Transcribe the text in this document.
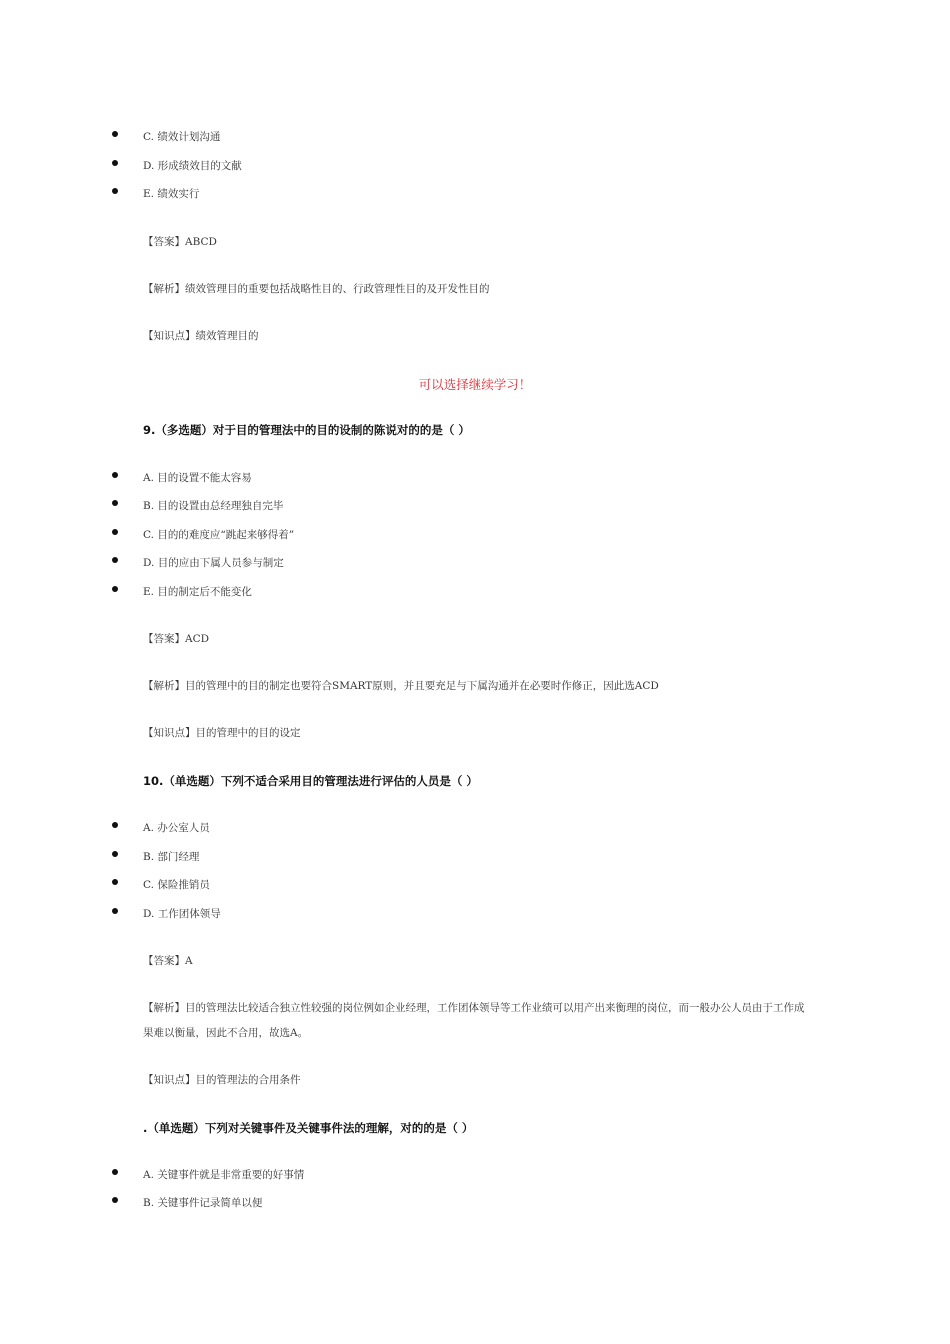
C. 绩效计划沟通
D. 形成绩效目的文献
E. 绩效实行
【答案】ABCD
【解析】绩效管理目的重要包括战略性目的、行政管理性目的及开发性目的
【知识点】绩效管理目的
可以选择继续学习！
9.（多选题）对于目的管理法中的目的设制的陈说对的的是（ ）
A. 目的设置不能太容易
B. 目的设置由总经理独自完毕
C. 目的的难度应“跳起来够得着”
D. 目的应由下属人员参与制定
E. 目的制定后不能变化
【答案】ACD
【解析】目的管理中的目的制定也要符合SMART原则，并且要充足与下属沟通并在必要时作修正，因此选ACD
【知识点】目的管理中的目的设定
10.（单选题）下列不适合采用目的管理法进行评估的人员是（ ）
A. 办公室人员
B. 部门经理
C. 保险推销员
D. 工作团体领导
【答案】A
【解析】目的管理法比较适合独立性较强的岗位例如企业经理，工作团体领导等工作业绩可以用产出来衡理的岗位，而一般办公人员由于工作成果难以衡量，因此不合用，故选A。
【知识点】目的管理法的合用条件
.（单选题）下列对关键事件及关键事件法的理解，对的的是（ ）
A. 关键事件就是非常重要的好事情
B. 关键事件记录简单以便
